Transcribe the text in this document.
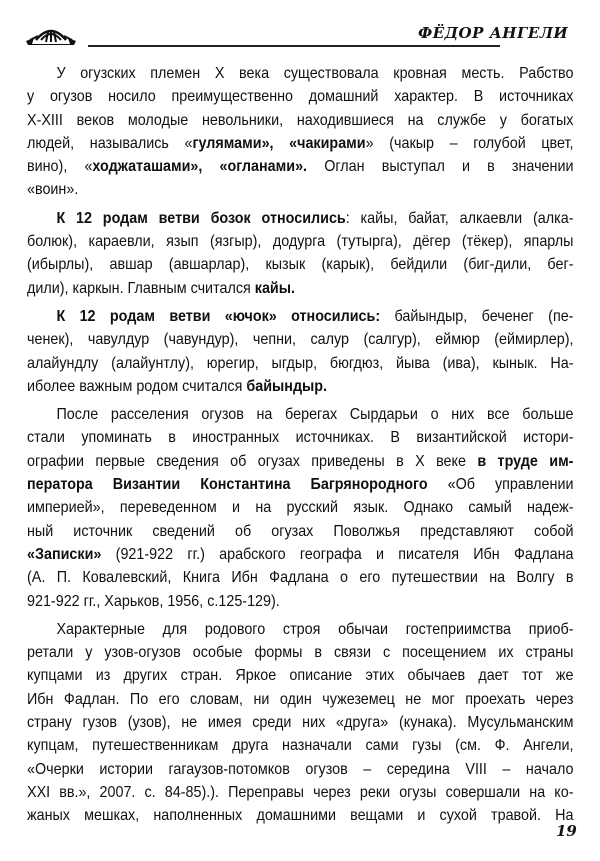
ФЁДОР АНГЕЛИ
У огузских племен Х века существовала кровная месть. Рабство
у огузов носило преимущественно домашний характер. В источниках
Х-XIII веков молодые невольники, находившиеся на службе у богатых
людей, назывались «гулямами», «чакирами» (чакыр – голубой цвет,
вино), «ходжаташами», «огланами». Оглан выступал и в значении
«воин».
К 12 родам ветви бозок относились: кайы, байат, алкаевли (алка-
болюк), караевли, язып (язгыр), додурга (тутырга), дёгер (тёкер), япарлы
(ибырлы), авшар (авшарлар), кызык (карык), бейдили (биг-дили, бег-
дили), каркын. Главным считался кайы.
К 12 родам ветви «ючок» относились: байындыр, беченег (пе-
ченек), чавулдур (чавундур), чепни, салур (салгур), еймюр (еймирлер),
алайундлу (алайунтлу), юрегир, ыгдыр, бюгдюз, йыва (ива), кынык. На-
иболее важным родом считался байындыр.
После расселения огузов на берегах Сырдарьи о них все больше
стали упоминать в иностранных источниках. В византийской истори-
ографии первые сведения об огузах приведены в Х веке в труде им-
ператора Византии Константина Багрянородного «Об управлении
империей», переведенном и на русский язык. Однако самый надеж-
ный источник сведений об огузах Поволжья представляют собой
«Записки» (921-922 гг.) арабского географа и писателя Ибн Фадлана
(А. П. Ковалевский, Книга Ибн Фадлана о его путешествии на Волгу в
921-922 гг., Харьков, 1956, с.125-129).
Характерные для родового строя обычаи гостеприимства приоб-
ретали у узов-огузов особые формы в связи с посещением их страны
купцами из других стран. Яркое описание этих обычаев дает тот же
Ибн Фадлан. По его словам, ни один чужеземец не мог проехать через
страну гузов (узов), не имея среди них «друга» (кунака). Мусульманским
купцам, путешественникам друга назначали сами гузы (см. Ф. Ангели,
«Очерки истории гагаузов-потомков огузов – середина VIII – начало
XXI вв.», 2007. с. 84-85).). Переправы через реки огузы совершали на ко-
жаных мешках, наполненных домашними вещами и сухой травой. На
19
